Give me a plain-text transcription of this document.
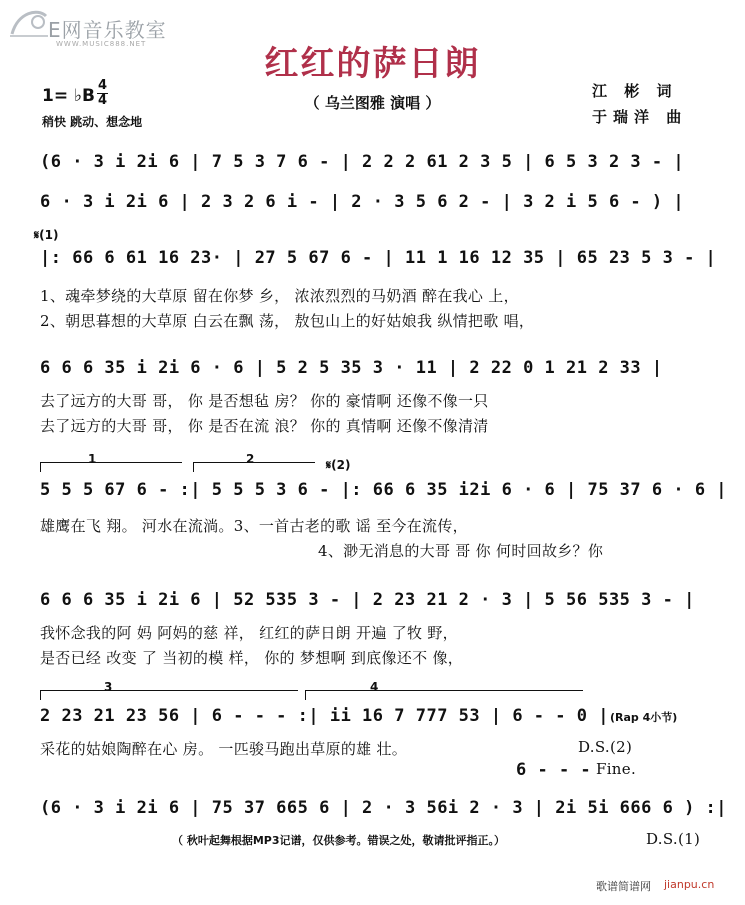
E网音乐教室
WWW.MUSIC888.NET	红红的萨日朗
（ 乌兰图雅 演唱 ）
1= ♭B
4
4
稍快 跳动、想念地
江 彬 词
于瑞洋 曲
(6 · 3 i 2i 6 | 7 5 3 7 6 - | 2 2 2 61 2 3 5 | 6 5 3 2 3 - |
6 · 3 i 2i 6 | 2 3 2 6 i - | 2 · 3 5 6 2 - | 3 2 i 5 6 - ) |
𝄋(1)
|: 66 6 61 16 23· | 27 5 67 6 - | 11 1 16 12 35 | 65 23 5 3 - |
1、魂牵梦绕的大草原 留在你梦 乡， 浓浓烈烈的马奶酒 醉在我心 上，
2、朝思暮想的大草原 白云在飘 荡， 敖包山上的好姑娘我 纵情把歌 唱，
6 6 6 35 i 2i 6 · 6 | 5 2 5 35 3 · 11 | 2 22 0 1 21 2 33 |
去了远方的大哥 哥， 你 是否想毡 房？ 你的 豪情啊 还像不像一只
去了远方的大哥 哥， 你 是否在流 浪？ 你的 真情啊 还像不像清清
1	2	𝄋(2)
5 5 5 67 6 - :| 5 5 5 3 6 - |: 66 6 35 i2i 6 · 6 | 75 37 6 · 6 |
雄鹰在飞 翔。 河水在流淌。3、一首古老的歌 谣 至今在流传，
4、渺无消息的大哥 哥 你 何时回故乡？你
6 6 6 35 i 2i 6 | 52 535 3 - | 2 23 21 2 · 3 | 5 56 535 3 - |
我怀念我的阿 妈 阿妈的慈 祥， 红红的萨日朗 开遍 了牧 野，
是否已经 改变 了 当初的模 样， 你的 梦想啊 到底像还不 像，
3	4
2 23 21 23 56 | 6 - - - :| ii 16 7 777 53 | 6 - - 0 | (Rap 4小节)
采花的姑娘陶醉在心 房。 一匹骏马跑出草原的雄 壮。	D.S.(2)
6 - - - Fine.
(6 · 3 i 2i 6 | 75 37 665 6 | 2 · 3 56i 2 · 3 | 2i 5i 666 6 ) :|
（ 秋叶起舞根据MP3记谱，仅供参考。错误之处，敬请批评指正。）	D.S.(1)
歌谱简谱网 jianpu.cn
